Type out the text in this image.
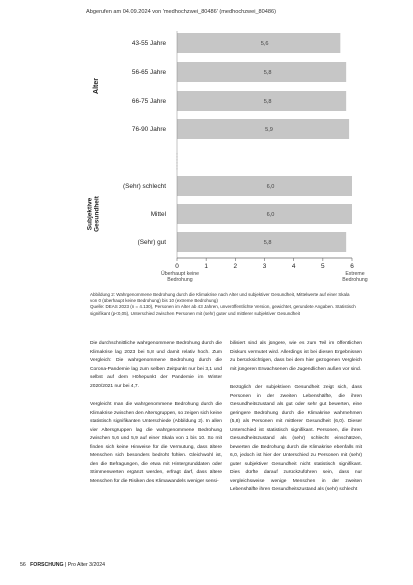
Abgerufen am 04.09.2024 von 'medhochzwei_80486' (medhochzwei_80486)
Alter
43-55 Jahre
56-65 Jahre
66-75 Jahre
76-90 Jahre
SubjektiveGesundheit
(Sehr) schlecht
Mittel
(Sehr) gut
5,6
5,8
5,8
5,9
6,0
6,0
5,8
0	1	2	3	4	5	6
Überhaupt keine Bedrohung
Extreme Bedrohung
Abbildung 2: Wahrgenommene Bedrohung durch die Klimakrise nach Alter und subjektiver Gesundheit, Mittelwerte auf einer Skala von 0 (überhaupt keine Bedrohung) bis 10 (extreme Bedrohung)
Quelle: DEAS 2023 (n = 4.130), Personen im Alter ab 43 Jahren, unveröffentlichte Version, gewichtet, gerundete Angaben. Statistisch signifikant (p<0,05), Unterschied zwischen Personen mit (sehr) guter und mittlerer subjektiver Gesundheit

Die durchschnittliche wahrgenommene Bedrohung durch die Klimakrise lag 2023 bei 5,8 und damit relativ hoch. Zum Vergleich: Die wahrgenommene Bedrohung durch die Corona-Pandemie lag zum selben Zeitpunkt nur bei 3,1 und selbst auf dem Höhepunkt der Pandemie im Winter 2020/2021 nur bei 4,7.

Vergleicht man die wahrgenommene Bedrohung durch die Klimakrise zwischen den Altersgruppen, so zeigen sich keine statistisch signifikanten Unterschiede (Abbildung 2). In allen vier Altersgruppen lag die wahrgenommene Bedrohung zwischen 5,6 und 5,9 auf einer Skala von 1 bis 10. So mit finden sich keine Hinweise für die Vermutung, dass ältere Menschen sich besonders bedroht fühlen. Gleichwohl ist, den die Befragungen, die etwa mit Hintergrunddaten oder Stimmenwerten ergänzt werden, erfragt darf, dass ältere Menschen für die Risiken des Klimawandels weniger sensi-

bilisiert sind als jüngere, wie es zum Teil im öffentlichen Diskurs vermutet wird. Allerdings ist bei diesen Ergebnissen zu berücksichtigen, dass bei dem hier gezogenen Vergleich mit jüngeren Erwachsenen die Jugendlichen außen vor sind.

Bezüglich der subjektiven Gesundheit zeigt sich, dass Personen in der zweiten Lebenshälfte, die ihren Gesundheitszustand als gut oder sehr gut bewerten, eine geringere Bedrohung durch die Klimakrise wahrnehmen (5,8) als Personen mit mittlerer Gesundheit (6,0). Dieser Unterschied ist statistisch signifikant. Personen, die ihren Gesundheitszustand als (sehr) schlecht einschätzen, bewerten die Bedrohung durch die Klimakrise ebenfalls mit 6,0, jedoch ist hier der Unterschied zu Personen mit (sehr) guter subjektiver Gesundheit nicht statistisch signifikant. Dies dürfte darauf zurückzuführen sein, dass nur vergleichsweise wenige Menschen in der zweiten Lebenshälfte ihren Gesundheitszustand als (sehr) schlecht

56 FORSCHUNG | Pro Alter 3/2024
